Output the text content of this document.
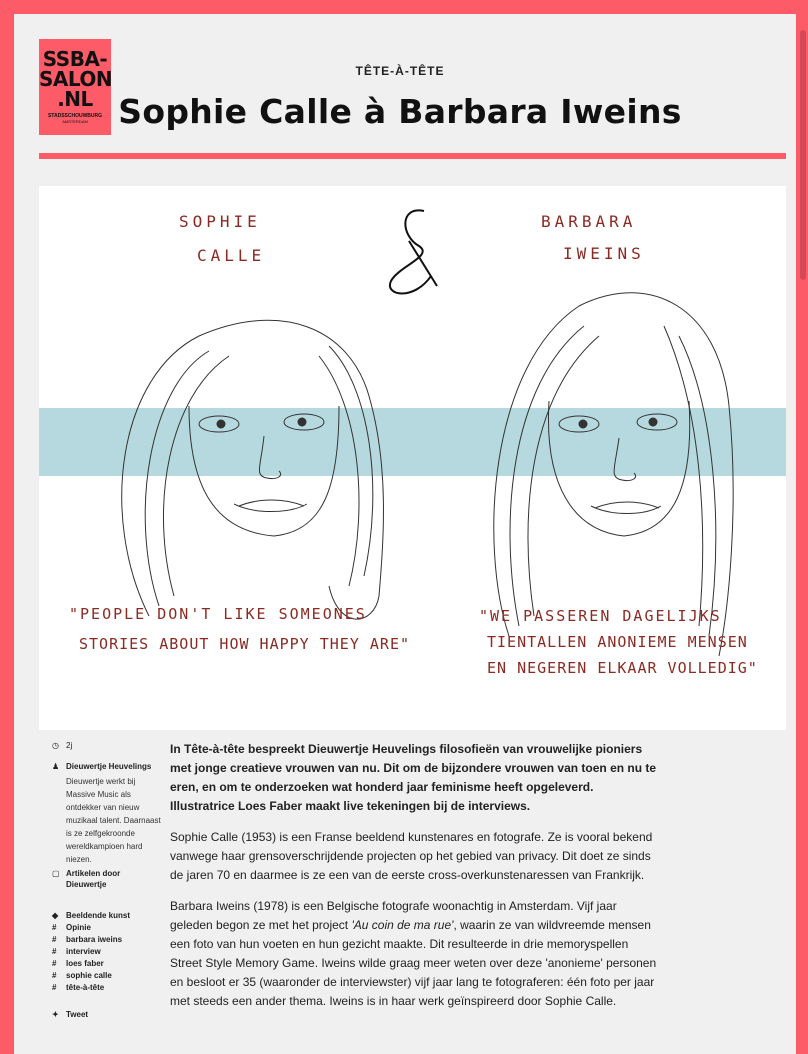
SSBA-
SALON
.NL
STADSSCHOUWBURG
AMSTERDAM
TÊTE-À-TÊTE
Sophie Calle à Barbara Iweins
SOPHIE
CALLE
BARBARA
IWEINS
"PEOPLE DON'T LIKE SOMEONES
STORIES ABOUT HOW HAPPY THEY ARE"
"WE PASSEREN DAGELIJKS
TIENTALLEN ANONIEME MENSEN
EN NEGEREN ELKAAR VOLLEDIG"
◷ 2j
♟ Dieuwertje Heuvelings
Dieuwertje werkt bij Massive Music als ontdekker van nieuw muzikaal talent. Daarnaast is ze zelfgekroonde wereldkampioen hard niezen.
▢ Artikelen door Dieuwertje
◆ Beeldende kunst
#	Opinie
#	barbara iweins
#	interview
#	loes faber
#	sophie calle
#	tête-à-tête
✦ Tweet

In Tête-à-tête bespreekt Dieuwertje Heuvelings filosofieën van vrouwelijke pioniers met jonge creatieve vrouwen van nu. Dit om de bijzondere vrouwen van toen en nu te eren, en om te onderzoeken wat honderd jaar feminisme heeft opgeleverd. Illustratrice Loes Faber maakt live tekeningen bij de interviews.

Sophie Calle (1953) is een Franse beeldend kunstenares en fotografe. Ze is vooral bekend vanwege haar grensoverschrijdende projecten op het gebied van privacy. Dit doet ze sinds de jaren 70 en daarmee is ze een van de eerste cross-overkunstenaressen van Frankrijk.

Barbara Iweins (1978) is een Belgische fotografe woonachtig in Amsterdam. Vijf jaar geleden begon ze met het project 'Au coin de ma rue', waarin ze van wildvreemde mensen een foto van hun voeten en hun gezicht maakte. Dit resulteerde in drie memoryspellen Street Style Memory Game. Iweins wilde graag meer weten over deze 'anonieme' personen en besloot er 35 (waaronder de interviewster) vijf jaar lang te fotograferen: één foto per jaar met steeds een ander thema. Iweins is in haar werk geïnspireerd door Sophie Calle.
